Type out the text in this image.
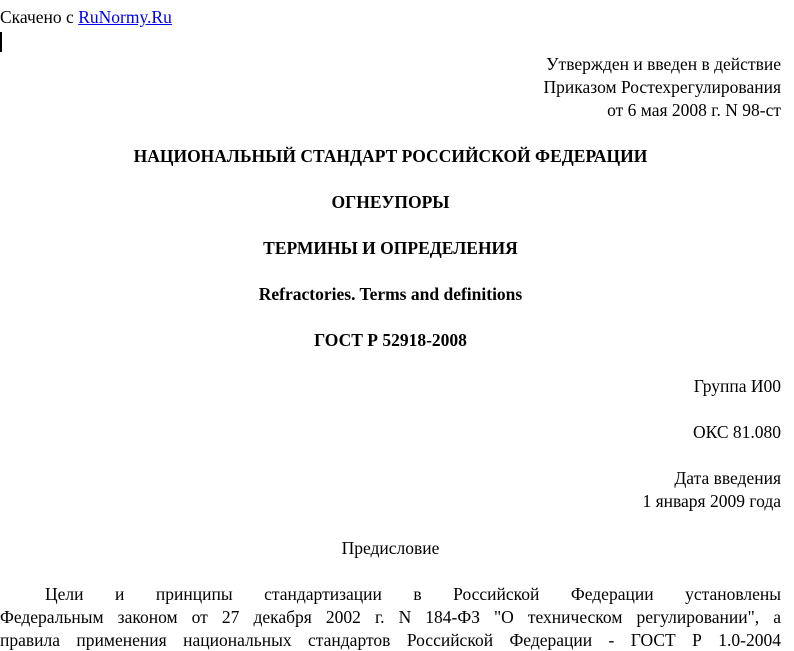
Скачено с RuNormy.Ru
Утвержден и введен в действие
Приказом Ростехрегулирования
от 6 мая 2008 г. N 98-ст
НАЦИОНАЛЬНЫЙ СТАНДАРТ РОССИЙСКОЙ ФЕДЕРАЦИИ
ОГНЕУПОРЫ
ТЕРМИНЫ И ОПРЕДЕЛЕНИЯ
Refractories. Terms and definitions
ГОСТ Р 52918-2008
Группа И00
ОКС 81.080
Дата введения
1 января 2009 года
Предисловие
Цели и принципы стандартизации в Российской Федерации установлены
Федеральным законом от 27 декабря 2002 г. N 184-ФЗ "О техническом регулировании", а
правила применения национальных стандартов Российской Федерации - ГОСТ Р 1.0-2004
